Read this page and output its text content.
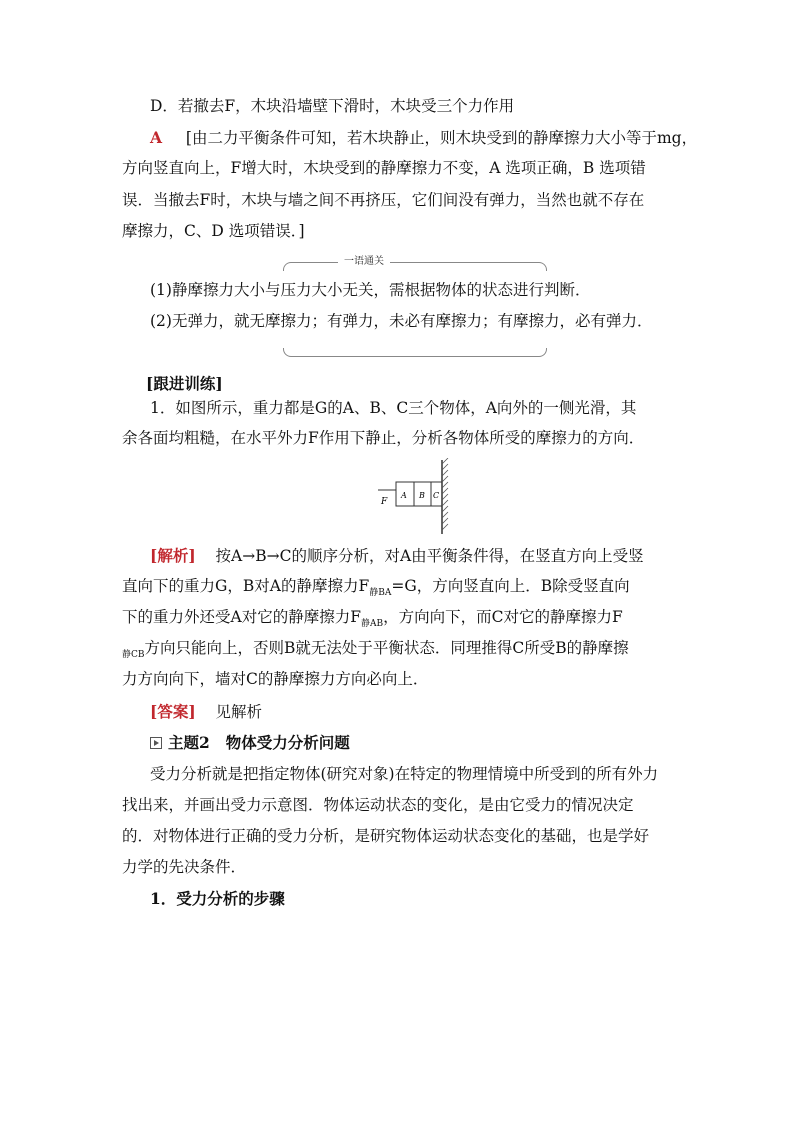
D．若撤去F，木块沿墙壁下滑时，木块受三个力作用
A [由二力平衡条件可知，若木块静止，则木块受到的静摩擦力大小等于mg，
方向竖直向上，F增大时，木块受到的静摩擦力不变，A 选项正确，B 选项错
误．当撤去F时，木块与墙之间不再挤压，它们间没有弹力，当然也就不存在
摩擦力，C、D 选项错误．]
一语通关
(1)静摩擦力大小与压力大小无关，需根据物体的状态进行判断．
(2)无弹力，就无摩擦力；有弹力，未必有摩擦力；有摩擦力，必有弹力．
[跟进训练]
1．如图所示，重力都是G的A、B、C三个物体，A向外的一侧光滑，其
余各面均粗糙，在水平外力F作用下静止，分析各物体所受的摩擦力的方向．
F
A B C
[解析] 按A→B→C的顺序分析，对A由平衡条件得，在竖直方向上受竖
直向下的重力G，B对A的静摩擦力$F_{静BA}=G$，方向竖直向上．B除受竖直向
下的重力外还受A对它的静摩擦力$F_{静AB}$，方向向下，而C对它的静摩擦力F
$_{静CB}$方向只能向上，否则B就无法处于平衡状态．同理推得C所受B的静摩擦
力方向向下，墙对C的静摩擦力方向必向上．
[答案] 见解析
主题2 物体受力分析问题
受力分析就是把指定物体(研究对象)在特定的物理情境中所受到的所有外力
找出来，并画出受力示意图．物体运动状态的变化，是由它受力的情况决定
的．对物体进行正确的受力分析，是研究物体运动状态变化的基础，也是学好
力学的先决条件．
1．受力分析的步骤
